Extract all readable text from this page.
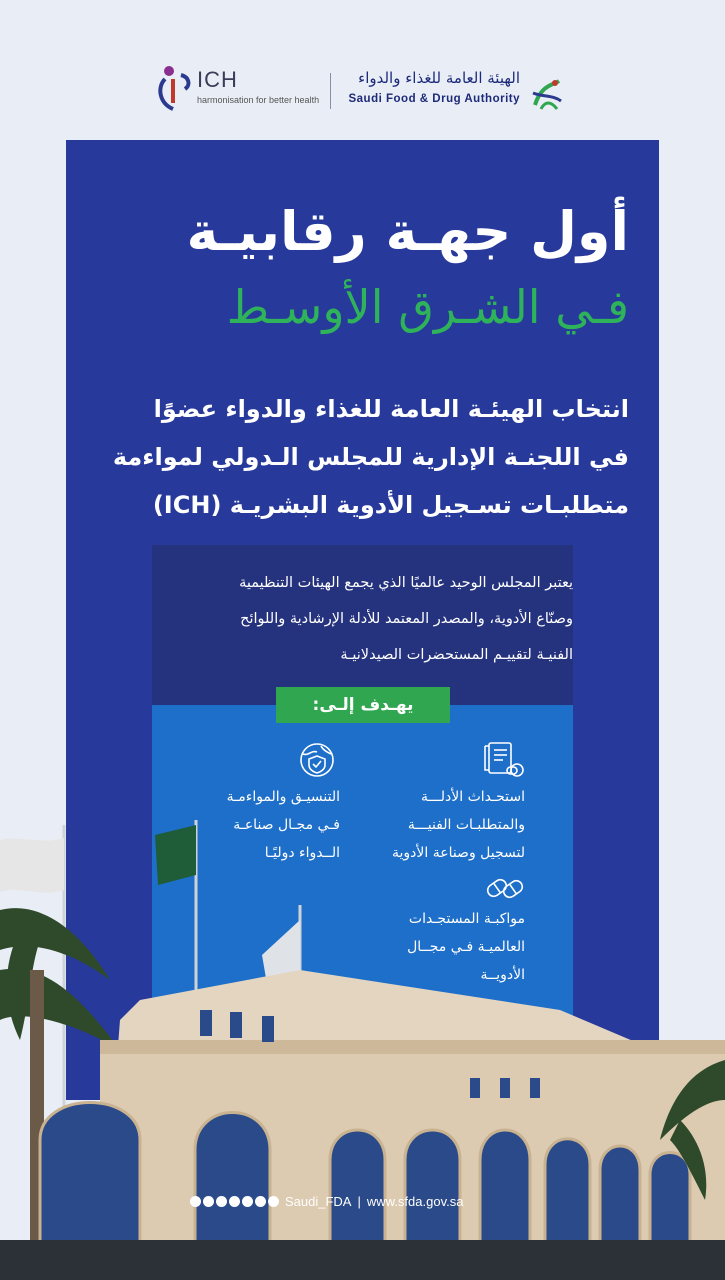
ICH
harmonisation for better health
الهيئة العامة للغذاء والدواء
Saudi Food & Drug Authority
أول جهـة رقابيـة
فـي الشـرق الأوسـط
انتخاب الهيئـة العامة للغذاء والدواء عضوًا
في اللجنـة الإدارية للمجلس الـدولي لمواءمة
متطلبـات تسـجيل الأدوية البشريـة (ICH)
يعتبر المجلس الوحيد عالميًا الذي يجمع الهيئات التنظيمية
وصنّاع الأدوية، والمصدر المعتمد للأدلة الإرشادية واللوائح
الفنيـة لتقييـم المستحضرات الصيدلانيـة
يهـدف إلـى:
استحـداث الأدلـــة
والمتطلبـات الفنيـــة
لتسجيل وصناعة الأدوية
التنسيـق والمواءمـة
فـي مجـال صناعـة
الــدواء دوليًـا
مواكبـة المستجـدات
العالميـة فـي مجــال
الأدويــة
Saudi_FDA | www.sfda.gov.sa
